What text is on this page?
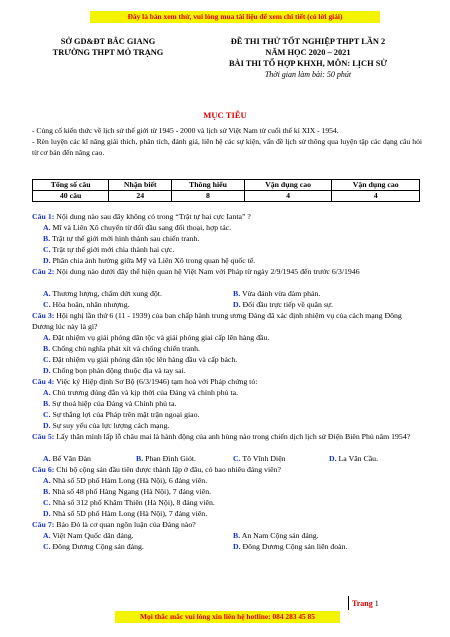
Đây là bản xem thử, vui lòng mua tài liệu để xem chi tiết (có lời giải)
SỞ GD&ĐT BẮC GIANG
TRƯỜNG THPT MỎ TRẠNG
ĐỀ THI THỬ TỐT NGHIỆP THPT LẦN 2
NĂM HỌC 2020 – 2021
BÀI THI TỔ HỢP KHXH, MÔN: LỊCH SỬ
Thời gian làm bài: 50 phút
MỤC TIÊU
- Củng cố kiến thức về lịch sử thế giới từ 1945 - 2000 và lịch sử Việt Nam từ cuối thế kỉ XIX - 1954.
- Rèn luyện các kĩ năng giải thích, phân tích, đánh giá, liên hệ các sự kiện, vấn đề lịch sử thông qua luyện tập các dạng câu hỏi từ cơ bản đến nâng cao.
Tổng số câu	Nhận biết	Thông hiểu	Vận dụng cao	Vận dụng cao
40 câu	24	8	4	4
Câu 1: Nội dung nào sau đây không có trong “Trật tự hai cực Ianta” ?
A. Mĩ và Liên Xô chuyển từ đối đầu sang đối thoại, hợp tác.
B. Trật tự thế giới mới hình thành sau chiến tranh.
C. Trật tự thế giới mới chia thành hai cực.
D. Phân chia ảnh hưởng giữa Mỹ và Liên Xô trong quan hệ quốc tế.
Câu 2: Nội dung nào dưới đây thể hiện quan hệ Việt Nam với Pháp từ ngày 2/9/1945 đến trước 6/3/1946
A. Thương lượng, chấm dứt xung đột.	B. Vừa đánh vừa đàm phán.
C. Hòa hoãn, nhân nhượng.	D. Đối đầu trực tiếp về quân sự.
Câu 3: Hội nghị lần thứ 6 (11 - 1939) của ban chấp hành trung ương Đảng đã xác định nhiệm vụ của cách mạng Đông Dương lúc này là gì?
A. Đặt nhiệm vụ giải phóng dân tộc và giải phóng giai cấp lên hàng đầu.
B. Chống chủ nghĩa phát xít và chống chiến tranh.
C. Đặt nhiệm vụ giải phóng dân tộc lên hàng đầu và cấp bách.
D. Chống bọn phản động thuộc địa và tay sai.
Câu 4: Việc ký Hiệp định Sơ Bộ (6/3/1946) tạm hoà với Pháp chứng tỏ:
A. Chủ trương đúng đắn và kịp thời của Đảng và chính phủ ta.
B. Sự thoả hiệp của Đảng và Chính phủ ta.
C. Sự thắng lợi của Pháp trên mặt trận ngoại giao.
D. Sự suy yếu của lực lượng cách mạng.
Câu 5: Lấy thân mình lấp lỗ châu mai là hành động của anh hùng nào trong chiến dịch lịch sử Điện Biên Phủ năm 1954?
A. Bế Văn Đàn	B. Phan Đình Giót.	C. Tô Vĩnh Diện	D. La Văn Cầu.
Câu 6: Chi bộ cộng sản đầu tiên được thành lập ở đâu, có bao nhiêu đảng viên?
A. Nhà số 5D phố Hàm Long (Hà Nội), 6 đảng viên.
B. Nhà số 48 phố Hàng Ngang (Hà Nội), 7 đảng viên.
C. Nhà số 312 phố Khâm Thiên (Hà Nội), 8 đảng viên.
D. Nhà số 5D phố Hàm Long (Hà Nội), 7 đảng viên.
Câu 7: Báo Đỏ là cơ quan ngôn luận của Đảng nào?
A. Việt Nam Quốc dân đảng.	B. An Nam Cộng sản đảng.
C. Đông Dương Cộng sản đảng.	D. Đông Dương Cộng sản liên đoàn.
Trang 1
Mọi thắc mắc vui lòng xin liên hệ hotline: 084 283 45 85
